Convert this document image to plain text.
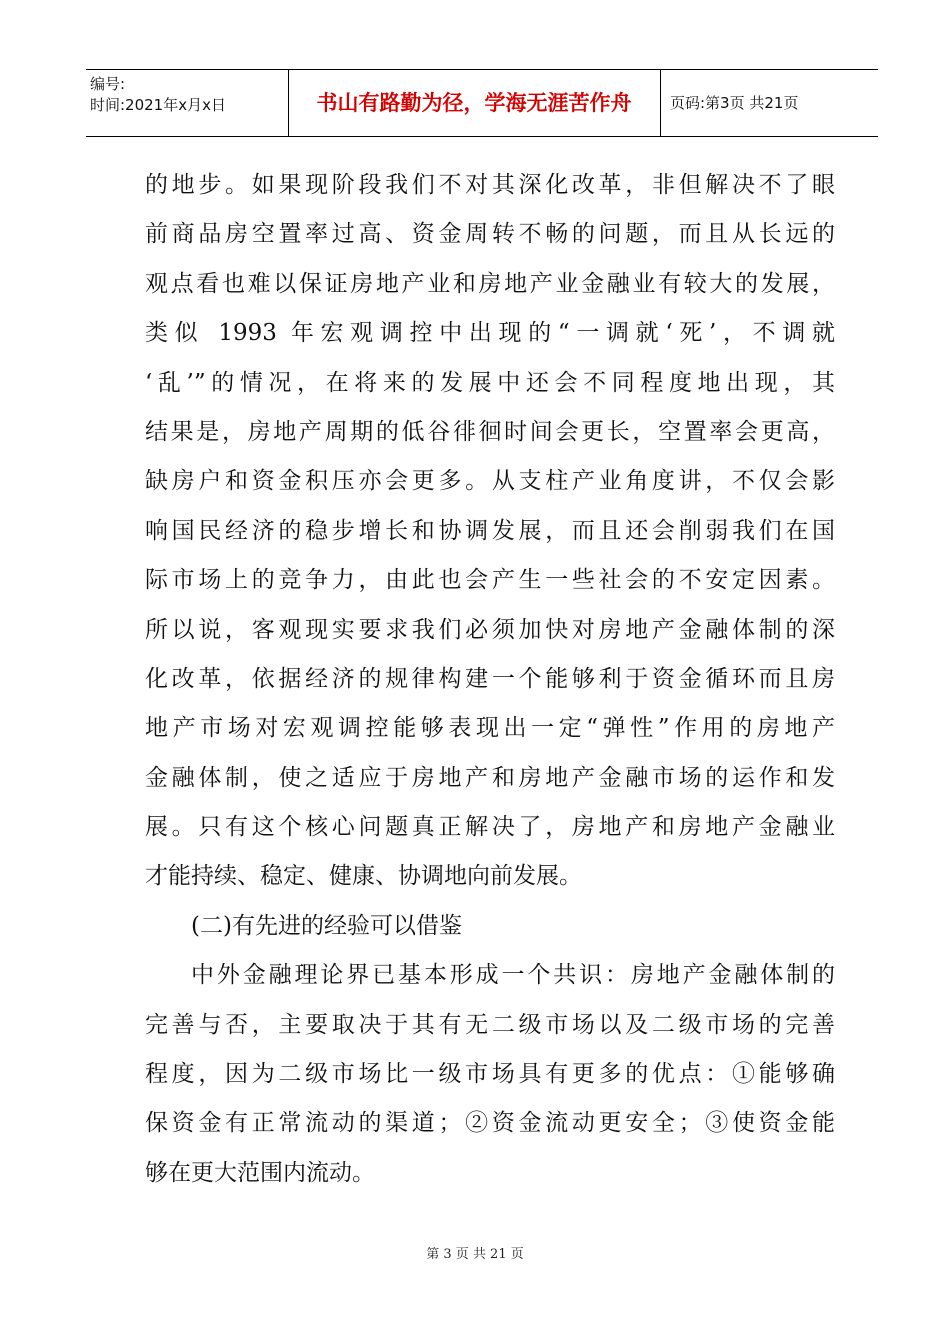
编号:
时间:2021年x月x日	书山有路勤为径，学海无涯苦作舟	页码:第3页 共21页
的地步。如果现阶段我们不对其深化改革，非但解决不了眼
前商品房空置率过高、资金周转不畅的问题，而且从长远的
观点看也难以保证房地产业和房地产业金融业有较大的发展，
类似 1993 年宏观调控中出现的“一调就‘死’，不调就
‘乱’”的情况，在将来的发展中还会不同程度地出现，其
结果是，房地产周期的低谷徘徊时间会更长，空置率会更高，
缺房户和资金积压亦会更多。从支柱产业角度讲，不仅会影
响国民经济的稳步增长和协调发展，而且还会削弱我们在国
际市场上的竞争力，由此也会产生一些社会的不安定因素。
所以说，客观现实要求我们必须加快对房地产金融体制的深
化改革，依据经济的规律构建一个能够利于资金循环而且房
地产市场对宏观调控能够表现出一定“弹性”作用的房地产
金融体制，使之适应于房地产和房地产金融市场的运作和发
展。只有这个核心问题真正解决了，房地产和房地产金融业
才能持续、稳定、健康、协调地向前发展。
(二)有先进的经验可以借鉴
中外金融理论界已基本形成一个共识：房地产金融体制的
完善与否，主要取决于其有无二级市场以及二级市场的完善
程度，因为二级市场比一级市场具有更多的优点：①能够确
保资金有正常流动的渠道；②资金流动更安全；③使资金能
够在更大范围内流动。
第 3 页 共 21 页
